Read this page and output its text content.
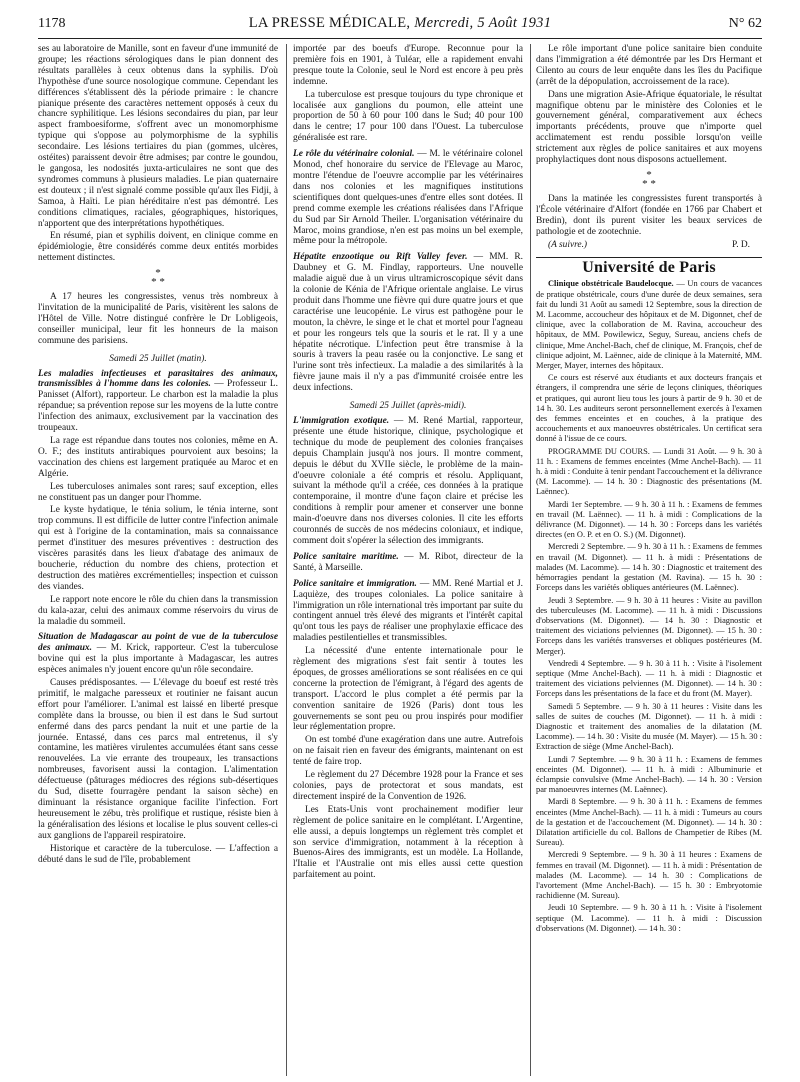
1178	LA PRESSE MÉDICALE, Mercredi, 5 Août 1931	N° 62

ses au laboratoire de Manille, sont en faveur d'une immunité de groupe; les réactions sérologiques dans le pian donnent des résultats parallèles à ceux obtenus dans la syphilis. D'où l'hypothèse d'une source nosologique commune. Cependant les différences s'établissent dès la période primaire : le chancre pianique présente des caractères nettement opposés à ceux du chancre syphilitique. Les lésions secondaires du pian, par leur aspect framboesiforme, s'offrent avec un monomorphisme typique qui s'oppose au polymorphisme de la syphilis secondaire. Les lésions tertiaires du pian (gommes, ulcères, ostéites) paraissent devoir être admises; par contre le goundou, le gangosa, les nodosités juxta-articulaires ne sont que des syndromes communs à plusieurs maladies. Le pian quaternaire est douteux ; il n'est signalé comme possible qu'aux îles Fidji, à Samoa, à Haïti. Le pian héréditaire n'est pas démontré. Les conditions climatiques, raciales, géographiques, historiques, n'apportent que des interprétations hypothétiques.

En résumé, pian et syphilis doivent, en clinique comme en épidémiologie, être considérés comme deux entités morbides nettement distinctes.

*
* *

A 17 heures les congressistes, venus très nombreux à l'invitation de la municipalité de Paris, visitèrent les salons de l'Hôtel de Ville. Notre distingué confrère le Dr Lobligeois, conseiller municipal, leur fit les honneurs de la maison commune des parisiens.

Samedi 25 Juillet (matin).

Les maladies infectieuses et parasitaires des animaux, transmissibles à l'homme dans les colonies. — Professeur L. Panisset (Alfort), rapporteur. Le charbon est la maladie la plus répandue; sa prévention repose sur les moyens de la lutte contre l'infection des animaux, exclusivement par la vaccination des troupeaux.

La rage est répandue dans toutes nos colonies, même en A. O. F.; des instituts antirabiques pourvoient aux besoins; la vaccination des chiens est largement pratiquée au Maroc et en Algérie.

Les tuberculoses animales sont rares; sauf exception, elles ne constituent pas un danger pour l'homme.

Le kyste hydatique, le ténia solium, le ténia interne, sont trop communs. Il est difficile de lutter contre l'infection animale qui est à l'origine de la contamination, mais sa connaissance permet d'instituer des mesures préventives : destruction des viscères parasités dans les lieux d'abatage des animaux de boucherie, réduction du nombre des chiens, protection et destruction des matières excrémentielles; inspection et cuisson des viandes.

Le rapport note encore le rôle du chien dans la transmission du kala-azar, celui des animaux comme réservoirs du virus de la maladie du sommeil.

Situation de Madagascar au point de vue de la tuberculose des animaux. — M. Krick, rapporteur. C'est la tuberculose bovine qui est la plus importante à Madagascar, les autres espèces animales n'y jouent encore qu'un rôle secondaire.

Causes prédisposantes. — L'élevage du boeuf est resté très primitif, le malgache paresseux et routinier ne faisant aucun effort pour l'améliorer. L'animal est laissé en liberté presque complète dans la brousse, ou bien il est dans le Sud surtout enfermé dans des parcs pendant la nuit et une partie de la journée. Entassé, dans ces parcs mal entretenus, il s'y contamine, les matières virulentes accumulées étant sans cesse renouvelées. La vie errante des troupeaux, les transactions nombreuses, favorisent aussi la contagion. L'alimentation défectueuse (pâturages médiocres des régions sub-désertiques du Sud, disette fourragère pendant la saison sèche) en diminuant la résistance organique facilite l'infection. Fort heureusement le zébu, très prolifique et rustique, résiste bien à la généralisation des lésions et localise le plus souvent celles-ci aux ganglions de l'appareil respiratoire.

Historique et caractère de la tuberculose. — L'affection a débuté dans le sud de l'île, probablement

importée par des boeufs d'Europe. Reconnue pour la première fois en 1901, à Tuléar, elle a rapidement envahi presque toute la Colonie, seul le Nord est encore à peu près indemne.

La tuberculose est presque toujours du type chronique et localisée aux ganglions du poumon, elle atteint une proportion de 50 à 60 pour 100 dans le Sud; 40 pour 100 dans le centre; 17 pour 100 dans l'Ouest. La tuberculose généralisée est rare.

Le rôle du vétérinaire colonial. — M. le vétérinaire colonel Monod, chef honoraire du service de l'Elevage au Maroc, montre l'étendue de l'oeuvre accomplie par les vétérinaires dans nos colonies et les magnifiques institutions scientifiques dont quelques-unes d'entre elles sont dotées. Il prend comme exemple les créations réalisées dans l'Afrique du Sud par Sir Arnold Theiler. L'organisation vétérinaire du Maroc, moins grandiose, n'en est pas moins un bel exemple, même pour la métropole.

Hépatite enzootique ou Rift Valley fever. — MM. R. Daubney et G. M. Findlay, rapporteurs. Une nouvelle maladie aiguë due à un virus ultramicroscopique sévit dans la colonie de Kénia de l'Afrique orientale anglaise. Le virus produit dans l'homme une fièvre qui dure quatre jours et que caractérise une leucopénie. Le virus est pathogène pour le mouton, la chèvre, le singe et le chat et mortel pour l'agneau et pour les rongeurs tels que la souris et le rat. Il y a une hépatite nécrotique. L'infection peut être transmise à la souris à travers la peau rasée ou la conjonctive. Le sang et l'urine sont très infectieux. La maladie a des similarités à la fièvre jaune mais il n'y a pas d'immunité croisée entre les deux infections.

Samedi 25 Juillet (après-midi).

L'immigration exotique. — M. René Martial, rapporteur, présente une étude historique, clinique, psychologique et technique du mode de peuplement des colonies françaises depuis Champlain jusqu'à nos jours. Il montre comment, depuis le début du XVIIe siècle, le problème de la main-d'oeuvre coloniale a été compris et résolu. Appliquant, suivant la méthode qu'il a créée, ces données à la pratique contemporaine, il montre d'une façon claire et précise les conditions à remplir pour amener et conserver une bonne main-d'oeuvre dans nos diverses colonies. Il cite les efforts couronnés de succès de nos médecins coloniaux, et indique, comment doit s'opérer la sélection des immigrants.

Police sanitaire maritime. — M. Ribot, directeur de la Santé, à Marseille.

Police sanitaire et immigration. — MM. René Martial et J. Laquièze, des troupes coloniales. La police sanitaire à l'immigration un rôle international très important par suite du contingent annuel très élevé des migrants et l'intérêt capital qu'ont tous les pays de réaliser une prophylaxie efficace des maladies pestilentielles et transmissibles.

La nécessité d'une entente internationale pour le règlement des migrations s'est fait sentir à toutes les époques, de grosses améliorations se sont réalisées en ce qui concerne la protection de l'émigrant, à l'égard des agents de transport. L'accord le plus complet a été permis par la convention sanitaire de 1926 (Paris) dont tous les gouvernements se sont peu ou prou inspirés pour modifier leur réglementation propre.

On est tombé d'une exagération dans une autre. Autrefois on ne faisait rien en faveur des émigrants, maintenant on est tenté de faire trop.

Le règlement du 27 Décembre 1928 pour la France et ses colonies, pays de protectorat et sous mandats, est directement inspiré de la Convention de 1926.

Les Etats-Unis vont prochainement modifier leur règlement de police sanitaire en le complétant. L'Argentine, elle aussi, a depuis longtemps un règlement très complet et son service d'immigration, notamment à la réception à Buenos-Aires des immigrants, est un modèle. La Hollande, l'Italie et l'Australie ont mis elles aussi cette question parfaitement au point.

Le rôle important d'une police sanitaire bien conduite dans l'immigration a été démontrée par les Drs Hermant et Cilento au cours de leur enquête dans les îles du Pacifique (arrêt de la dépopulation, accroissement de la race).

Dans une migration Asie-Afrique équatoriale, le résultat magnifique obtenu par le ministère des Colonies et le gouvernement général, comparativement aux échecs importants précédents, prouve que n'importe quel acclimatement est rendu possible lorsqu'on veille strictement aux règles de police sanitaires et aux moyens prophylactiques dont nous disposons actuellement.

*
* *

Dans la matinée les congressistes furent transportés à l'École vétérinaire d'Alfort (fondée en 1766 par Chabert et Bredin), dont ils purent visiter les beaux services de pathologie et de zootechnie.

(A suivre.)	P. D.
Université de Paris

Clinique obstétricale Baudelocque. — Un cours de vacances de pratique obstétricale, cours d'une durée de deux semaines, sera fait du lundi 31 Août au samedi 12 Septembre, sous la direction de M. Lacomme, accoucheur des hôpitaux et de M. Digonnet, chef de clinique, avec la collaboration de M. Ravina, accoucheur des hôpitaux, de MM. Powilewicz, Seguy, Sureau, anciens chefs de clinique, Mme Anchel-Bach, chef de clinique, M. François, chef de clinique adjoint, M. Laënnec, aide de clinique à la Maternité, MM. Merger, Mayer, internes des hôpitaux.

Ce cours est réservé aux étudiants et aux docteurs français et étrangers, il comprendra une série de leçons cliniques, théoriques et pratiques, qui auront lieu tous les jours à partir de 9 h. 30 et de 14 h. 30. Les auditeurs seront personnellement exercés à l'examen des femmes enceintes et en couches, à la pratique des accouchements et aux manoeuvres obstétricales. Un certificat sera donné à l'issue de ce cours.

PROGRAMME DU COURS. — Lundi 31 Août. — 9 h. 30 à 11 h. : Examens de femmes enceintes (Mme Anchel-Bach). — 11 h. à midi : Conduite à tenir pendant l'accouchement et la délivrance (M. Lacomme). — 14 h. 30 : Diagnostic des présentations (M. Laënnec).

Mardi 1er Septembre. — 9 h. 30 à 11 h. : Examens de femmes en travail (M. Laënnec). — 11 h. à midi : Complications de la délivrance (M. Digonnet). — 14 h. 30 : Forceps dans les variétés directes (en O. P. et en O. S.) (M. Digonnet).

Mercredi 2 Septembre. — 9 h. 30 à 11 h. : Examens de femmes en travail (M. Digonnet). — 11 h. à midi : Présentations de malades (M. Lacomme). — 14 h. 30 : Diagnostic et traitement des hémorragies pendant la gestation (M. Ravina). — 15 h. 30 : Forceps dans les variétés obliques antérieures (M. Laënnec).

Jeudi 3 Septembre. — 9 h. 30 à 11 heures : Visite au pavillon des tuberculeuses (M. Lacomme). — 11 h. à midi : Discussions d'observations (M. Digonnet). — 14 h. 30 : Diagnostic et traitement des viciations pelviennes (M. Digonnet). — 15 h. 30 : Forceps dans les variétés transverses et obliques postérieures (M. Merger).

Vendredi 4 Septembre. — 9 h. 30 à 11 h. : Visite à l'isolement septique (Mme Anchel-Bach). — 11 h. à midi : Diagnostic et traitement des viciations pelviennes (M. Digonnet). — 14 h. 30 : Forceps dans les présentations de la face et du front (M. Mayer).

Samedi 5 Septembre. — 9 h. 30 à 11 heures : Visite dans les salles de suites de couches (M. Digonnet). — 11 h. à midi : Diagnostic et traitement des anomalies de la dilatation (M. Lacomme). — 14 h. 30 : Visite du musée (M. Mayer). — 15 h. 30 : Extraction de siège (Mme Anchel-Bach).

Lundi 7 Septembre. — 9 h. 30 à 11 h. : Examens de femmes enceintes (M. Digonnet). — 11 h. à midi : Albuminurie et éclampsie convulsive (Mme Anchel-Bach). — 14 h. 30 : Version par manoeuvres internes (M. Laënnec).

Mardi 8 Septembre. — 9 h. 30 à 11 h. : Examens de femmes enceintes (Mme Anchel-Bach). — 11 h. à midi : Tumeurs au cours de la gestation et de l'accouchement (M. Digonnet). — 14 h. 30 : Dilatation artificielle du col. Ballons de Champetier de Ribes (M. Sureau).

Mercredi 9 Septembre. — 9 h. 30 à 11 heures : Examens de femmes en travail (M. Digonnet). — 11 h. à midi : Présentation de malades (M. Lacomme). — 14 h. 30 : Complications de l'avortement (Mme Anchel-Bach). — 15 h. 30 : Embryotomie rachidienne (M. Sureau).

Jeudi 10 Septembre. — 9 h. 30 à 11 h. : Visite à l'isolement septique (M. Lacomme). — 11 h. à midi : Discussion d'observations (M. Digonnet). — 14 h. 30 :
